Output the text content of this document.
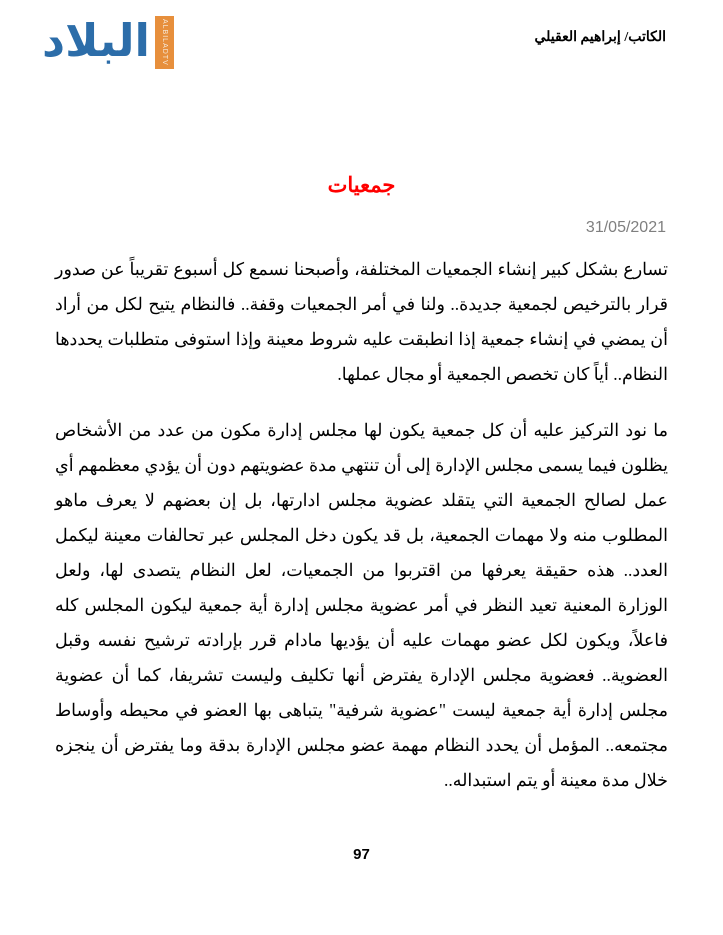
البلاد ALBILADTV	الكاتب/ إبراهيم العقيلي
جمعيات
31/05/2021

تسارع بشكل كبير إنشاء الجمعيات المختلفة، وأصبحنا نسمع كل أسبوع تقريباً عن صدور قرار بالترخيص لجمعية جديدة.. ولنا في أمر الجمعيات وقفة.. فالنظام يتيح لكل من أراد أن يمضي في إنشاء جمعية إذا انطبقت عليه شروط معينة وإذا استوفى متطلبات يحددها النظام.. أياً كان تخصص الجمعية أو مجال عملها.

ما نود التركيز عليه أن كل جمعية يكون لها مجلس إدارة مكون من عدد من الأشخاص يظلون فيما يسمى مجلس الإدارة إلى أن تنتهي مدة عضويتهم دون أن يؤدي معظمهم أي عمل لصالح الجمعية التي يتقلد عضوية مجلس ادارتها، بل إن بعضهم لا يعرف ماهو المطلوب منه ولا مهمات الجمعية، بل قد يكون دخل المجلس عبر تحالفات معينة ليكمل العدد.. هذه حقيقة يعرفها من اقتربوا من الجمعيات، لعل النظام يتصدى لها، ولعل الوزارة المعنية تعيد النظر في أمر عضوية مجلس إدارة أية جمعية ليكون المجلس كله فاعلاً، ويكون لكل عضو مهمات عليه أن يؤديها مادام قرر بإرادته ترشيح نفسه وقبل العضوية.. فعضوية مجلس الإدارة يفترض أنها تكليف وليست تشريفا، كما أن عضوية مجلس إدارة أية جمعية ليست "عضوية شرفية" يتباهى بها العضو في محيطه وأوساط مجتمعه.. المؤمل أن يحدد النظام مهمة عضو مجلس الإدارة بدقة وما يفترض أن ينجزه خلال مدة معينة أو يتم استبداله..

97
